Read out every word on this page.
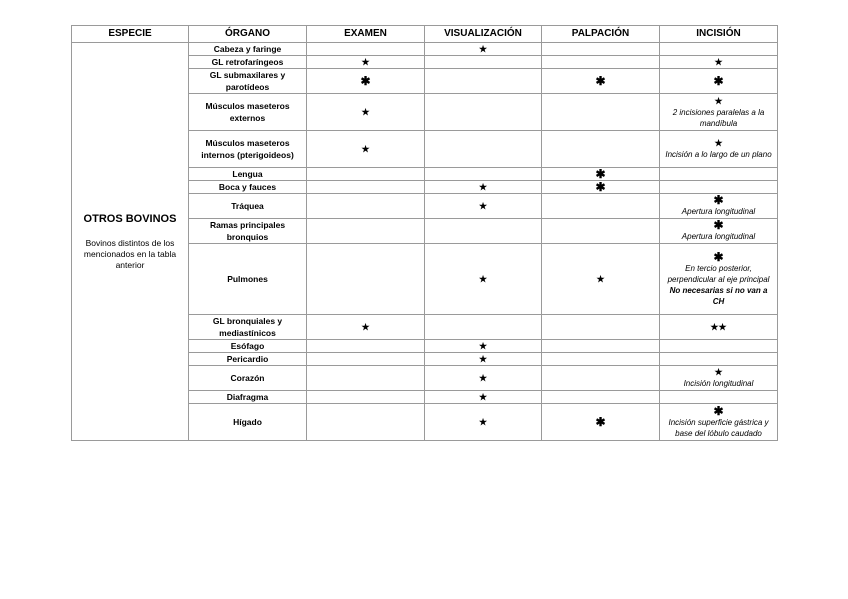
ESPECIE	ÓRGANO	EXAMEN	VISUALIZACIÓN	PALPACIÓN	INCISIÓN

OTROS BOVINOS
Bovinos distintos de los mencionados en la tabla anterior	Cabeza y faringe		★		

	GL retrofaríngeos	★			★

	GL submaxilares y parotídeos	✱		✱	✱

	Músculos maseteros externos	★			★
2 incisiones paralelas a la mandíbula

	Músculos maseteros internos (pterigoideos)	★			★
Incisión a lo largo de un plano

	Lengua			✱	

	Boca y fauces		★	✱	

	Tráquea		★		✱
Apertura longitudinal

	Ramas principales bronquios				✱
Apertura longitudinal

	Pulmones		★	★	✱
En tercio posterior, perpendicular al eje principal
No necesarias si no van a CH

	GL bronquiales y mediastínicos	★			★★

	Esófago		★		

	Pericardio		★		

	Corazón		★		★
Incisión longitudinal

	Diafragma		★		

	Hígado		★	✱	✱
Incisión superficie gástrica y base del lóbulo caudado
